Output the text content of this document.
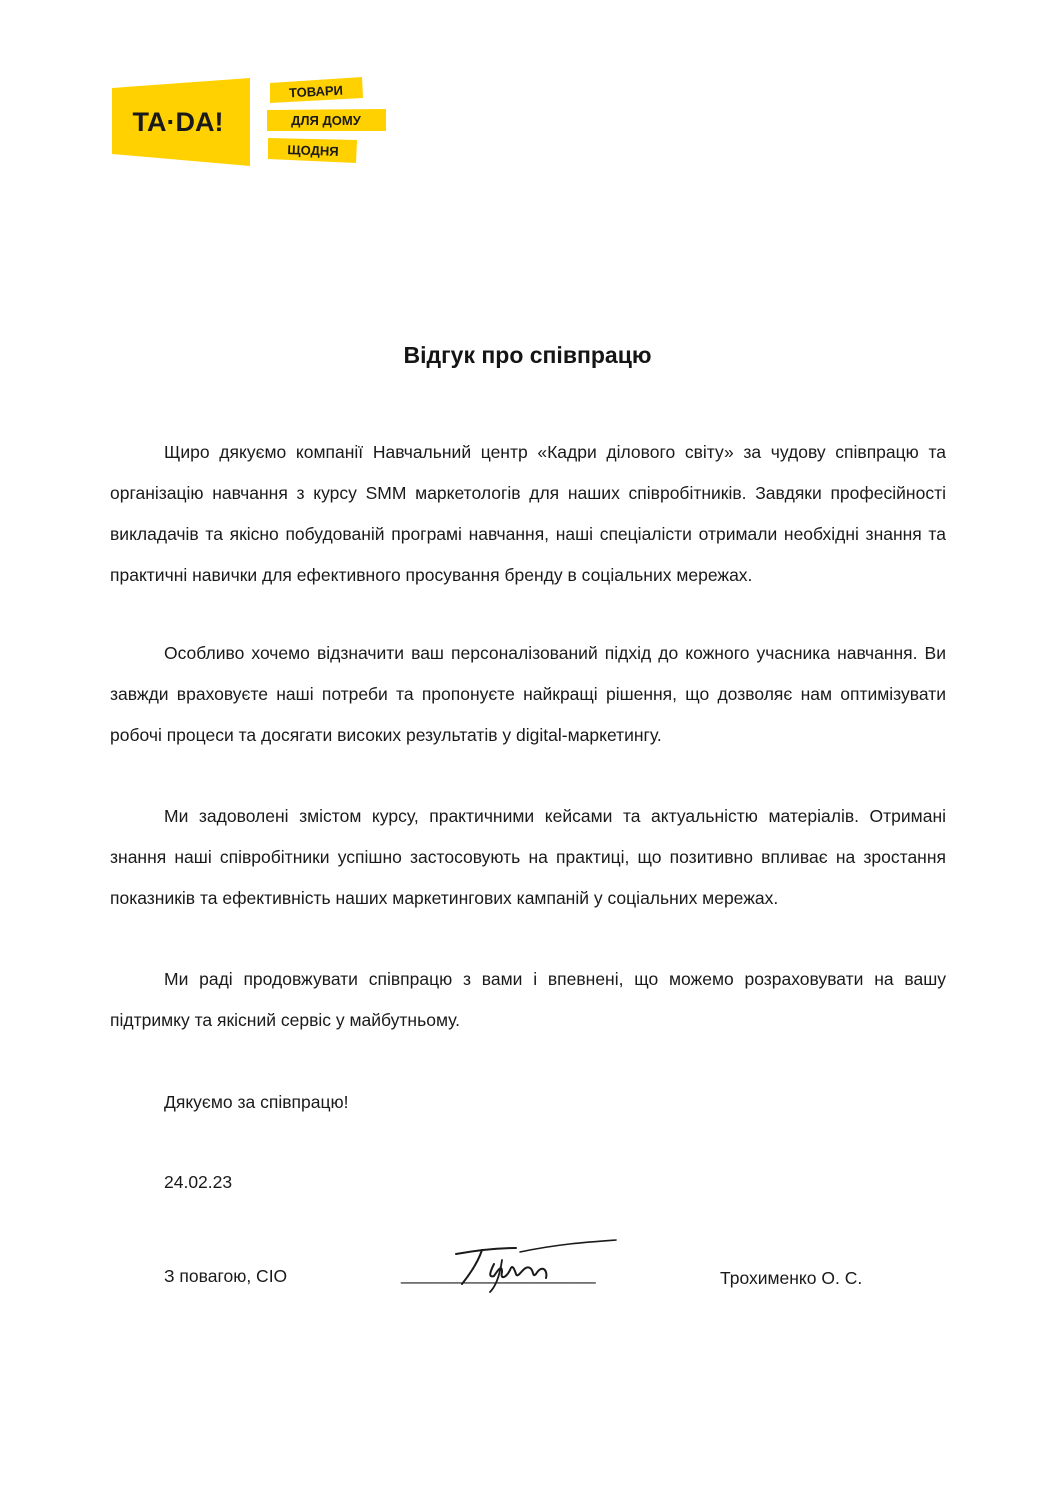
TA·DA!
ТОВАРИ
ДЛЯ ДОМУ
ЩОДНЯ
Відгук про співпрацю

Щиро дякуємо компанії Навчальний центр «Кадри ділового світу» за чудову співпрацю та організацію навчання з курсу SMM маркетологів для наших співробітників. Завдяки професійності викладачів та якісно побудованій програмі навчання, наші спеціалісти отримали необхідні знання та практичні навички для ефективного просування бренду в соціальних мережах.

Особливо хочемо відзначити ваш персоналізований підхід до кожного учасника навчання. Ви завжди враховуєте наші потреби та пропонуєте найкращі рішення, що дозволяє нам оптимізувати робочі процеси та досягати високих результатів у digital-маркетингу.

Ми задоволені змістом курсу, практичними кейсами та актуальністю матеріалів. Отримані знання наші співробітники успішно застосовують на практиці, що позитивно впливає на зростання показників та ефективність наших маркетингових кампаній у соціальних мережах.

Ми раді продовжувати співпрацю з вами і впевнені, що можемо розраховувати на вашу підтримку та якісний сервіс у майбутньому.

Дякуємо за співпрацю!

24.02.23

З повагою, CIO	____________________	Трохименко О. С.
